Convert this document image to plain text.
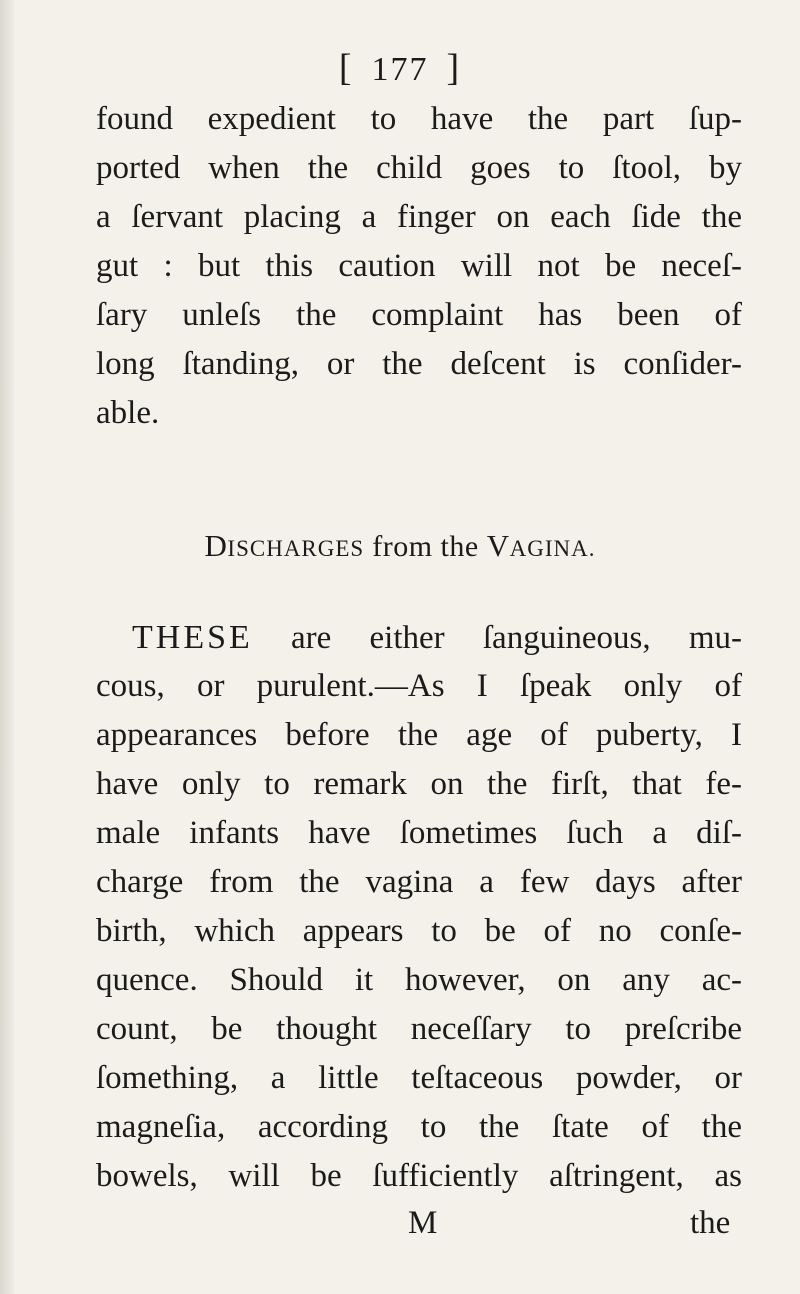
[ 177 ]
found expedient to have the part ſup-
ported when the child goes to ſtool, by
a ſervant placing a finger on each ſide the
gut : but this caution will not be neceſ-
ſary unleſs the complaint has been of
long ſtanding, or the deſcent is conſider-
able.
DISCHARGES from the VAGINA.
THESE are either ſanguineous, mu-
cous, or purulent.—As I ſpeak only of
appearances before the age of puberty, I
have only to remark on the firſt, that fe-
male infants have ſometimes ſuch a diſ-
charge from the vagina a few days after
birth, which appears to be of no conſe-
quence. Should it however, on any ac-
count, be thought neceſſary to preſcribe
ſomething, a little teſtaceous powder, or
magneſia, according to the ſtate of the
bowels, will be ſufficiently aſtringent, as
M	the
